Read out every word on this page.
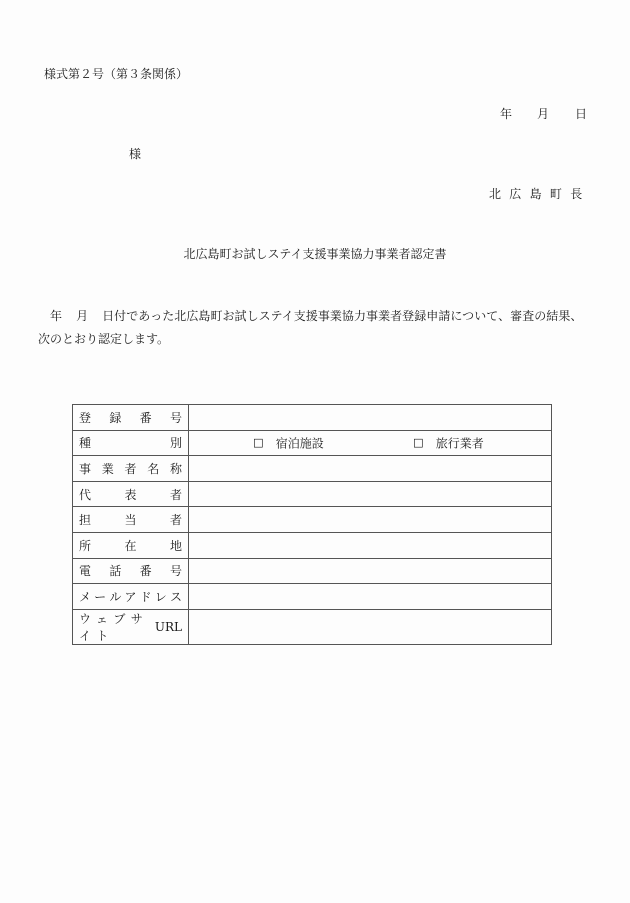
様式第２号（第３条関係）
年 月 日
様
北広島町長
北広島町お試しステイ支援事業協力事業者認定書
年 月 日付であった北広島町お試しステイ支援事業協力事業者登録申請について、審査の結果、
次のとおり認定します。
登 録 番 号	

種 別	☐ 宿泊施設 ☐ 旅行業者

事 業 者 名 称	

代 表 者	

担 当 者	

所 在 地	

電 話 番 号	

メ ー ル ア ド レ ス

ウェブサイト
URL	
